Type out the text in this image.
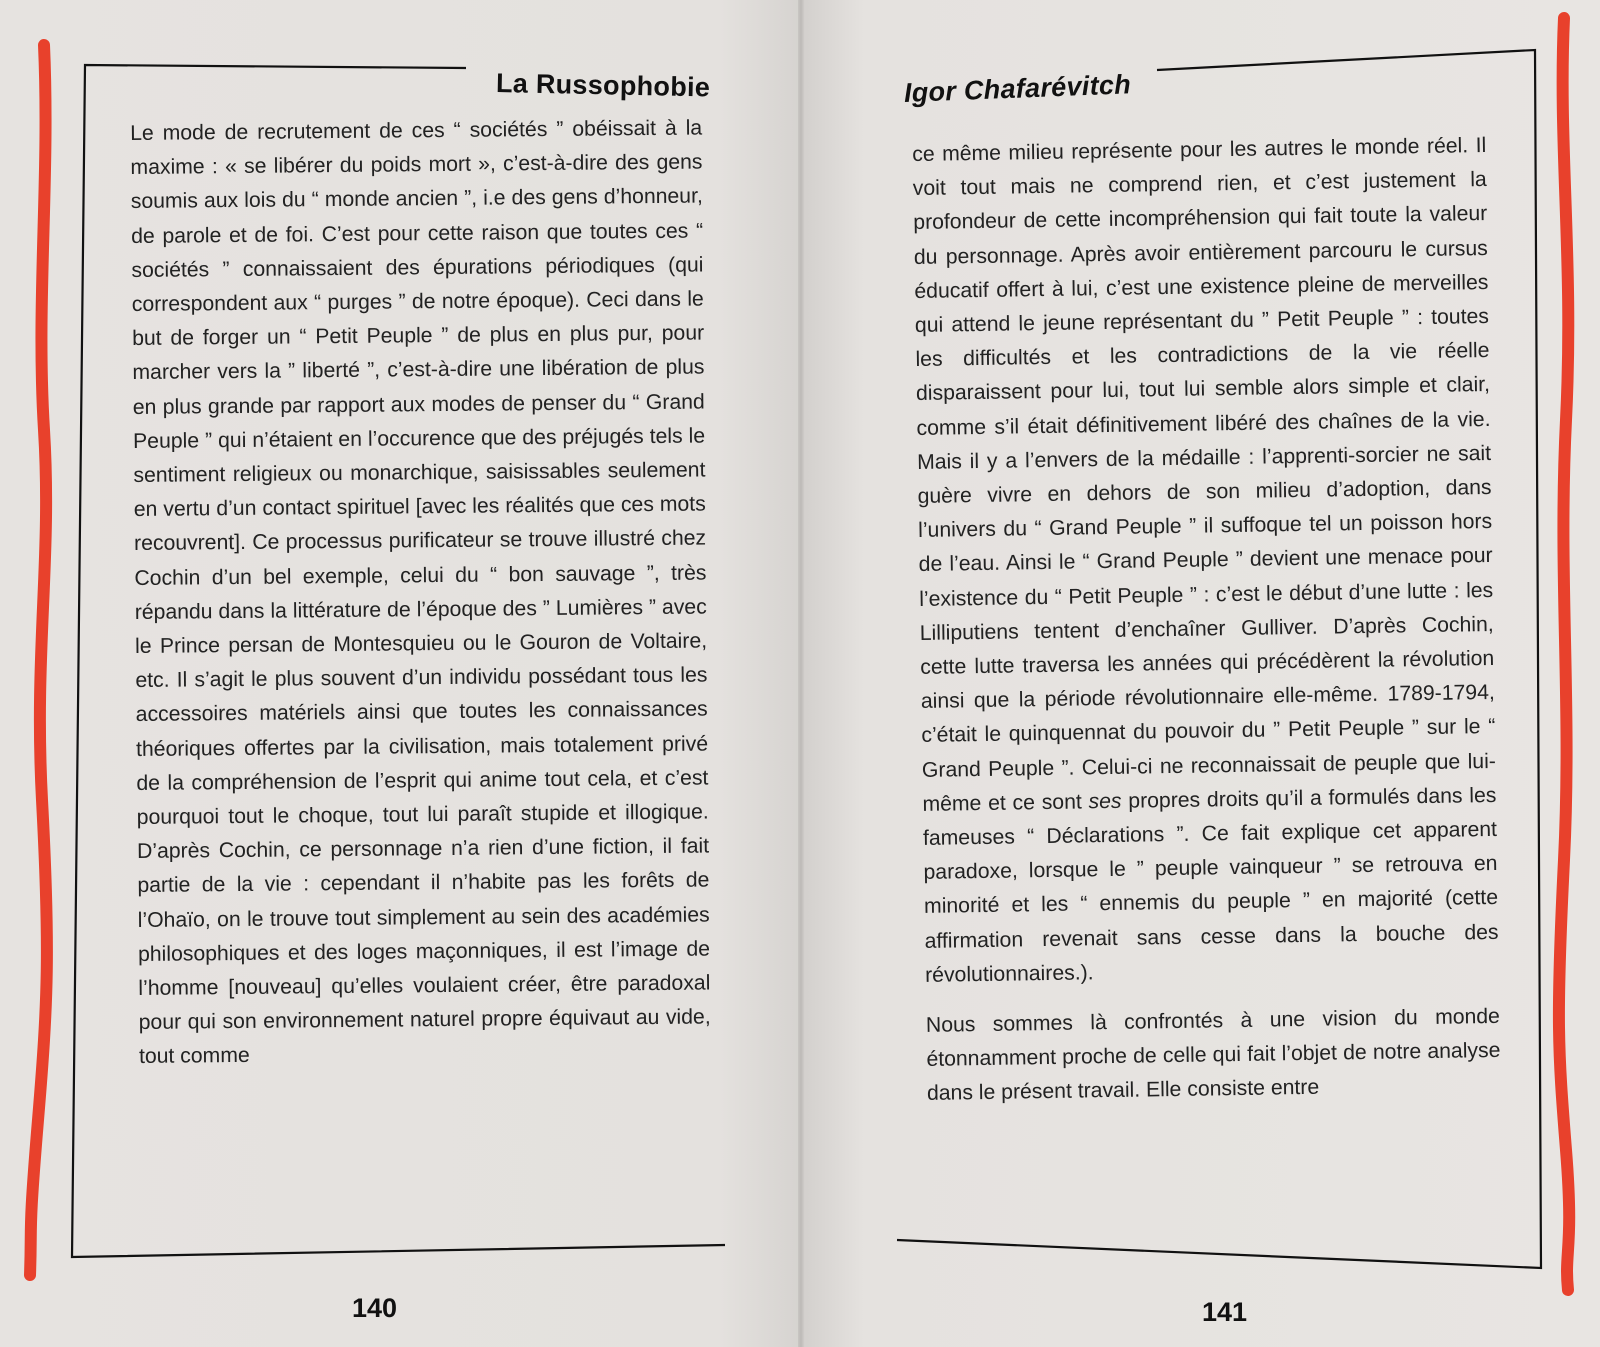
La Russophobie	Igor Chafarévitch

Le mode de recrutement de ces “ sociétés ” obéissait à la maxime : « se libérer du poids mort », c’est-à-dire des gens soumis aux lois du “ monde ancien ”, i.e des gens d’honneur, de parole et de foi. C’est pour cette raison que toutes ces “ sociétés ” connaissaient des épurations périodiques (qui correspondent aux “ purges ” de notre époque). Ceci dans le but de forger un “ Petit Peuple ” de plus en plus pur, pour marcher vers la ” liberté ”, c’est-à-dire une libération de plus en plus grande par rapport aux modes de penser du “ Grand Peuple ” qui n’étaient en l’occurence que des préjugés tels le sentiment religieux ou monarchique, saisissables seulement en vertu d’un contact spirituel [avec les réalités que ces mots recouvrent]. Ce processus purificateur se trouve illustré chez Cochin d’un bel exemple, celui du “ bon sauvage ”, très répandu dans la littérature de l’époque des ” Lumières ” avec le Prince persan de Montesquieu ou le Gouron de Voltaire, etc. Il s’agit le plus souvent d’un individu possédant tous les accessoires matériels ainsi que toutes les connaissances théoriques offertes par la civilisation, mais totalement privé de la compréhension de l’esprit qui anime tout cela, et c’est pourquoi tout le choque, tout lui paraît stupide et illogique. D’après Cochin, ce personnage n’a rien d’une fiction, il fait partie de la vie : cependant il n’habite pas les forêts de l’Ohaïo, on le trouve tout simplement au sein des académies philosophiques et des loges maçonniques, il est l’image de l’homme [nouveau] qu’elles voulaient créer, être paradoxal pour qui son environnement naturel propre équivaut au vide, tout comme

ce même milieu représente pour les autres le monde réel. Il voit tout mais ne comprend rien, et c’est justement la profondeur de cette incompréhension qui fait toute la valeur du personnage. Après avoir entièrement parcouru le cursus éducatif offert à lui, c’est une existence pleine de merveilles qui attend le jeune représentant du ” Petit Peuple ” : toutes les difficultés et les contradictions de la vie réelle disparaissent pour lui, tout lui semble alors simple et clair, comme s’il était définitivement libéré des chaînes de la vie. Mais il y a l’envers de la médaille : l’apprenti-sorcier ne sait guère vivre en dehors de son milieu d’adoption, dans l’univers du “ Grand Peuple ” il suffoque tel un poisson hors de l’eau. Ainsi le “ Grand Peuple ” devient une menace pour l’existence du “ Petit Peuple ” : c’est le début d’une lutte : les Lilliputiens tentent d’enchaîner Gulliver. D’après Cochin, cette lutte traversa les années qui précédèrent la révolution ainsi que la période révolutionnaire elle-même. 1789-1794, c’était le quinquennat du pouvoir du ” Petit Peuple ” sur le “ Grand Peuple ”. Celui-ci ne reconnaissait de peuple que lui-même et ce sont ses propres droits qu’il a formulés dans les fameuses “ Déclarations ”. Ce fait explique cet apparent paradoxe, lorsque le ” peuple vainqueur ” se retrouva en minorité et les “ ennemis du peuple ” en majorité (cette affirmation revenait sans cesse dans la bouche des révolutionnaires.).

Nous sommes là confrontés à une vision du monde étonnamment proche de celle qui fait l’objet de notre analyse dans le présent travail. Elle consiste entre

140	141
